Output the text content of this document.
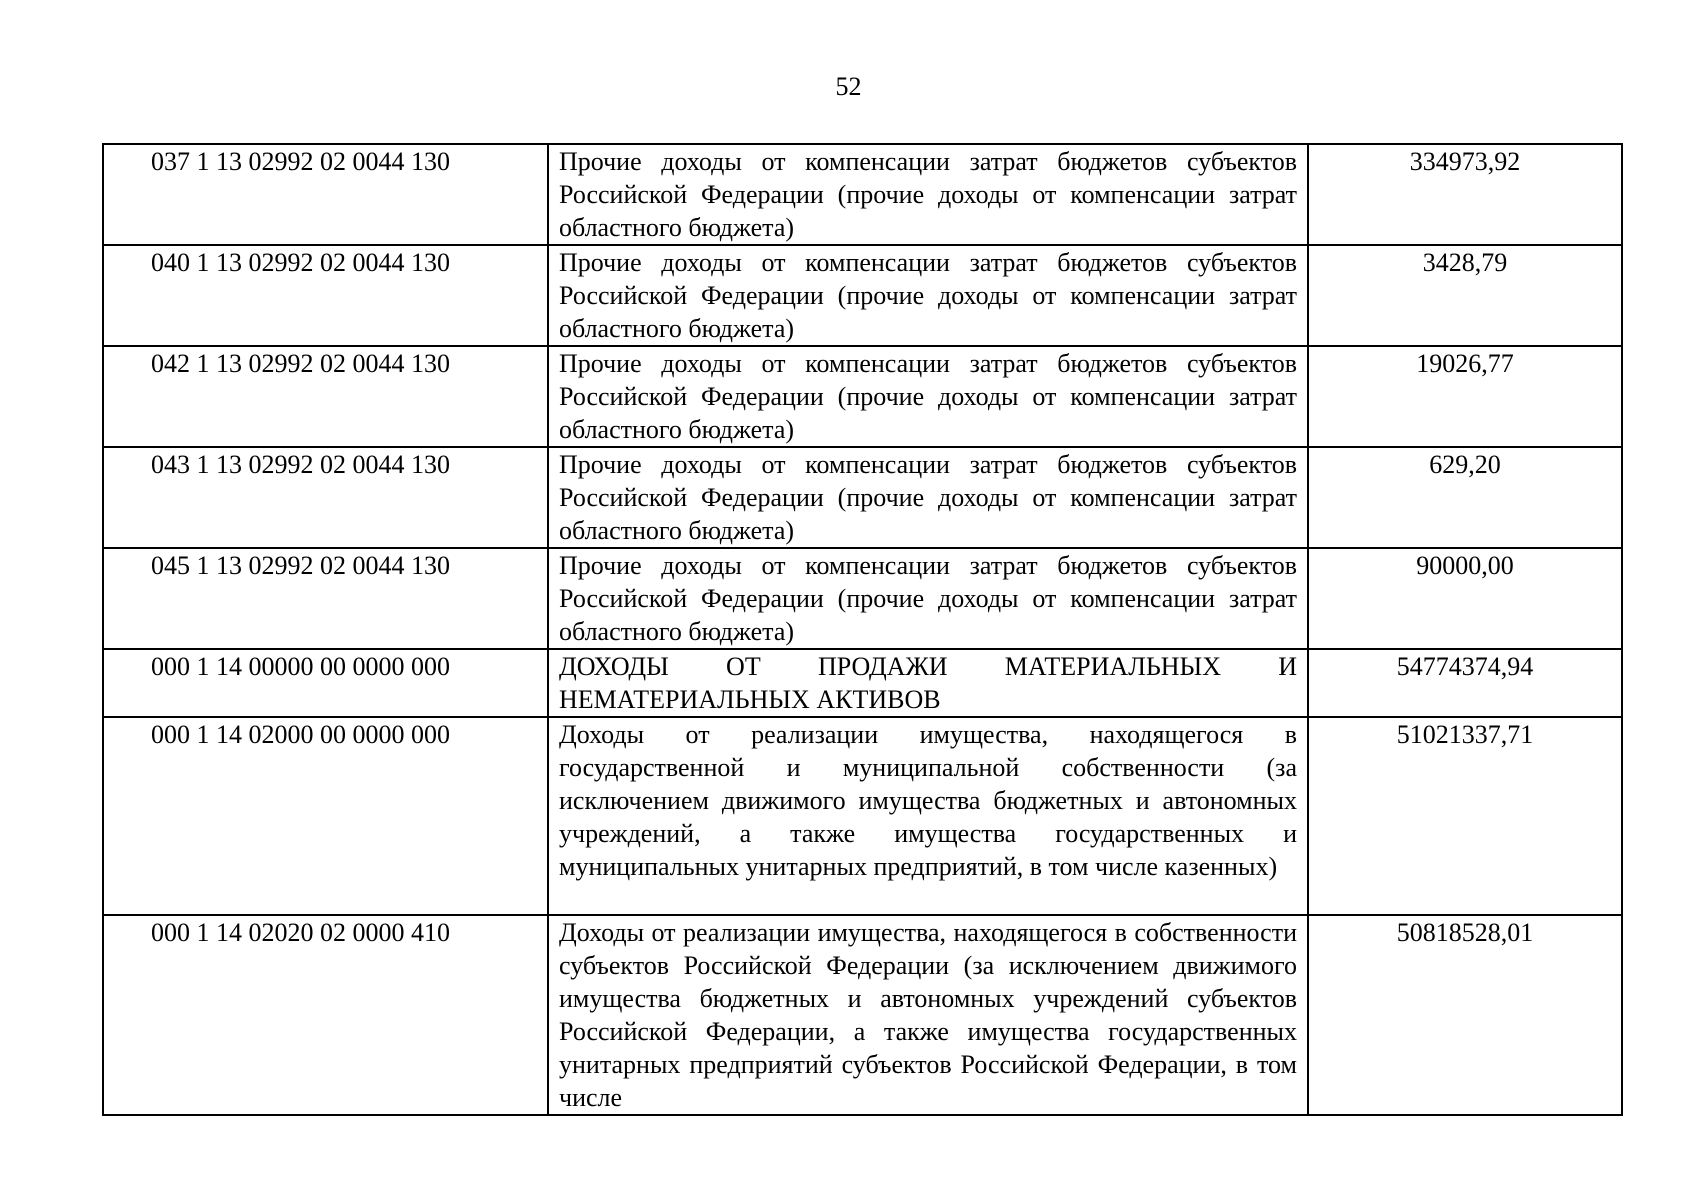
52
037 1 13 02992 02 0044 130	Прочие доходы от компенсации затрат бюджетов субъектов Российской Федерации (прочие доходы от компенсации затрат областного бюджета)	334973,92
040 1 13 02992 02 0044 130	Прочие доходы от компенсации затрат бюджетов субъектов Российской Федерации (прочие доходы от компенсации затрат областного бюджета)	3428,79
042 1 13 02992 02 0044 130	Прочие доходы от компенсации затрат бюджетов субъектов Российской Федерации (прочие доходы от компенсации затрат областного бюджета)	19026,77
043 1 13 02992 02 0044 130	Прочие доходы от компенсации затрат бюджетов субъектов Российской Федерации (прочие доходы от компенсации затрат областного бюджета)	629,20
045 1 13 02992 02 0044 130	Прочие доходы от компенсации затрат бюджетов субъектов Российской Федерации (прочие доходы от компенсации затрат областного бюджета)	90000,00
000 1 14 00000 00 0000 000	ДОХОДЫ ОТ ПРОДАЖИ МАТЕРИАЛЬНЫХ И НЕМАТЕРИАЛЬНЫХ АКТИВОВ	54774374,94
000 1 14 02000 00 0000 000	Доходы от реализации имущества, находящегося в государственной и муниципальной собственности (за исключением движимого имущества бюджетных и автономных учреждений, а также имущества государственных и муниципальных унитарных предприятий, в том числе казенных)	51021337,71
000 1 14 02020 02 0000 410	Доходы от реализации имущества, находящегося в собственности субъектов Российской Федерации (за исключением движимого имущества бюджетных и автономных учреждений субъектов Российской Федерации, а также имущества государственных унитарных предприятий субъектов Российской Федерации, в том числе	50818528,01
